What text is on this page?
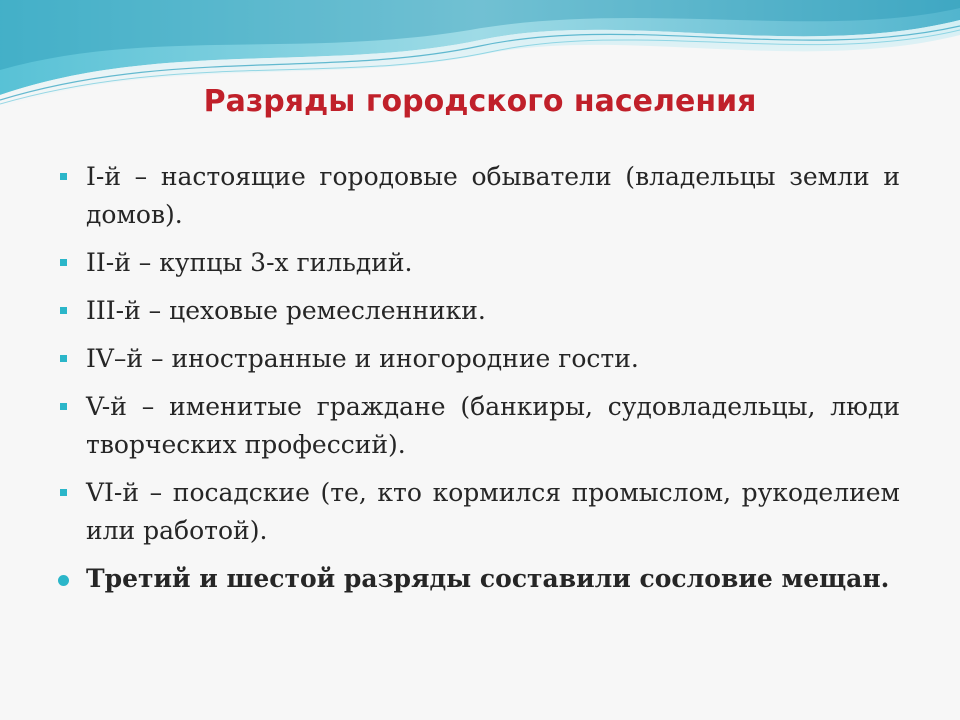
Разряды городского населения
I-й – настоящие городовые обыватели (владельцы земли и домов).
II-й – купцы 3-х гильдий.
III-й – цеховые ремесленники.
IV–й – иностранные и иногородние гости.
V-й – именитые граждане (банкиры, судовладельцы, люди творческих профессий).
VI-й – посадские (те, кто кормился промыслом, рукоделием или работой).
Третий и шестой разряды составили сословие мещан.
